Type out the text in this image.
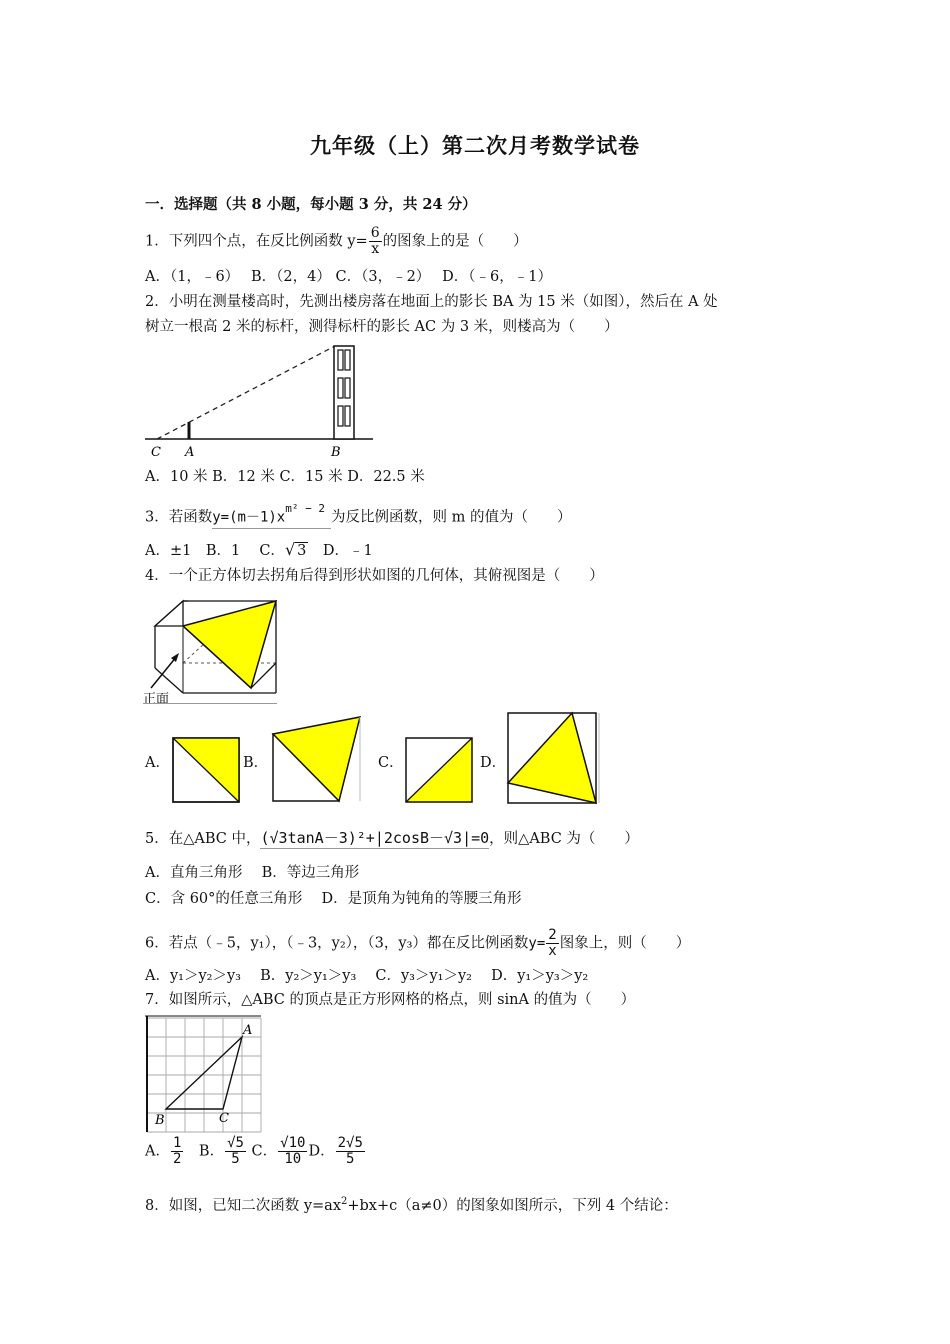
九年级（上）第二次月考数学试卷
一．选择题（共 8 小题，每小题 3 分，共 24 分）
1．下列四个点，在反比例函数 $y= \frac{6}{x}$ 的图象上的是（　　）
A．（1，﹣6）　 B．（2，4） C．（3，﹣2）　 D．（﹣6，﹣1）
2．小明在测量楼高时，先测出楼房落在地面上的影长 BA 为 15 米（如图），然后在 A 处
树立一根高 2 米的标杆，测得标杆的影长 AC 为 3 米，则楼高为（　　）
C A	B
A．10 米 B．12 米 C．15 米 D．22.5 米
3．若函数$y=(m-1)x^{m^2 - 2}$为反比例函数，则 m 的值为（　　）
A．±1　B．1　 C．√ 3　D．﹣1
4．一个正方体切去拐角后得到形状如图的几何体，其俯视图是（　　）
正面
A．	B．	C．	D．
5．在△ABC 中，(√3tanA－3)²+|2cosB－√3|=0，则△ABC 为（　　）
A．直角三角形　 B．等边三角形
C．含 60°的任意三角形　 D．是顶角为钝角的等腰三角形
6．若点（﹣5，y₁），（﹣3，y₂），（3，y₃）都在反比例函数$y= \frac{2}{x}$ 图象上，则（　　）
A．y₁＞y₂＞y₃　 B．y₂＞y₁＞y₃　 C．y₃＞y₁＞y₂　 D．y₁＞y₃＞y₂
7．如图所示，△ABC 的顶点是正方形网格的格点，则 sinA 的值为（　　）
A
B	C
A． $\frac{1}{2}$ 　B． $\frac{√5}{5}$ C． $\frac{√10}{10}$ D． $\frac{2√5}{5}$
8．如图，已知二次函数 $y=ax^2+bx+c(a\ne 0)$的图象如图所示，下列 4 个结论：
